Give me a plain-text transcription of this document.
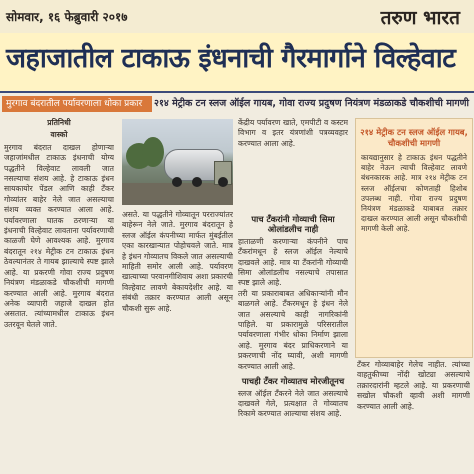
सोमवार, १६ फेब्रुवारी २०१७	तरुण भारत
जहाजातील टाकाऊ इंधनाची गैरमार्गाने विल्हेवाट
मुरगाव बंदरातील पर्यावरणाला धोका प्रकार	२१४ मेट्रीक टन स्लज ऑईल गायब, गोवा राज्य प्रदुषण नियंत्रण मंडळाकडे चौकशीची मागणी
प्रतिनिधी
वास्को
मुरगाव बंदरात दाखल होणाऱ्या जहाजांमधील टाकाऊ इंधनाची योग्य पद्धतीने विल्हेवाट लावली जात नसल्याचा संशय आहे. हे टाकाऊ इंधन सायकायोर पेंडल आणि काही टँकर गोव्यांतर बाहेर नेले जात असल्याचा संशय व्यक्त करण्यात आला आहे. पर्यावरणाला घातक ठरणाऱ्या या इंधनाची विल्हेवाट लावताना पर्यावरणाची काळजी घेणे आवश्यक आहे. मुरगाव बंदरातून २१४ मेट्रीक टन टाकाऊ इंधन ठेवल्यानंतर ते गायब झाल्याचे स्पष्ट झाले आहे. या प्रकरणी गोवा राज्य प्रदुषण नियंत्रण मंडळाकडे चौकशीची मागणी करण्यात आली आहे. मुरगाव बंदरात अनेक व्यापारी जहाजे दाखल होत असतात. त्यांच्यामधील टाकाऊ इंधन उतरवून घेतले जाते.
असते. या पद्धतीने गोव्यातून परराज्यांतर बाहेरून नेले जाते. मुरगाव बंदरातून हे स्लज ऑईल कंपनीच्या मार्फत मुंबईतील एका कारखान्यात पोहोचवले जाते. मात्र हे इंधन गोव्यातच विकले जात असल्याची माहिती समोर आली आहे. पर्यावरण खात्याच्या परवानगीशिवाय अशा प्रकारची विल्हेवाट लावणे बेकायदेशीर आहे. या संबंधी तक्रार करण्यात आली असून चौकशी सुरू आहे.
केंद्रीय पर्यावरण खाते, एमपीटी व कस्टम विभाग व इतर यंत्रणांशी पत्रव्यवहार करण्यात आला आहे.
पाच टँकरांनी गोव्याची सिमा ओलांडलीच नाही
हाताळणी करणाऱ्या कंपनीने पाच टँकरांमधून हे स्लज ऑईल नेल्याचे दाखवले आहे. मात्र या टँकरांनी गोव्याची सिमा ओलांडलीच नसल्याचे तपासात स्पष्ट झाले आहे.
तरी या प्रकाराबाबत अधिकाऱ्यांनी मौन बाळगले आहे. टँकरमधून हे इंधन नेले जात असल्याचे काही नागरिकांनी पाहिले. या प्रकारामुळे परिसरातील पर्यावरणाला गंभीर धोका निर्माण झाला आहे. मुरगाव बंदर प्राधिकरणाने या प्रकरणाची नोंद घ्यावी, अशी मागणी करण्यात आली आहे.
पाचही टँकर गोव्यातच मोरजीतूनच
स्लज ऑईल टँकरने नेले जात असल्याचे दाखवले गेले, प्रत्यक्षात ते गोव्यातच रिकामे करण्यात आल्याचा संशय आहे.
२१४ मेट्रीक टन स्लज ऑईल गायब, चौकशीची मागणी
कायद्यानुसार हे टाकाऊ इंधन पद्धतीने बाहेर नेऊन त्याची विल्हेवाट लावणे बंधनकारक आहे. मात्र २१४ मेट्रीक टन स्लज ऑईलचा कोणताही हिशोब उपलब्ध नाही. गोवा राज्य प्रदुषण नियंत्रण मंडळाकडे याबाबत तक्रार दाखल करण्यात आली असून चौकशीची मागणी केली आहे.
टँकर गोव्याबाहेर गेलेच नाहीत. त्यांच्या वाहतुकीच्या नोंदी खोट्या असल्याचे तक्रारदारांनी म्हटले आहे. या प्रकरणाची सखोल चौकशी व्हावी अशी मागणी करण्यात आली आहे.
